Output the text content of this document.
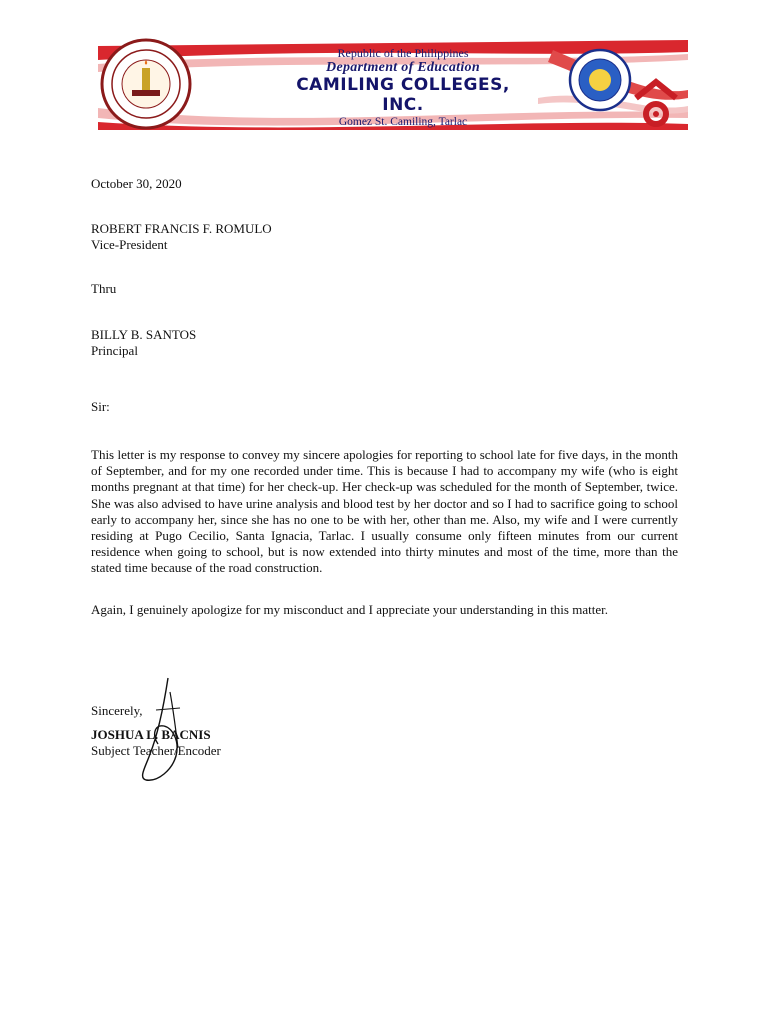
Republic of the Philippines
Department of Education
CAMILING COLLEGES, INC.
Gomez St. Camiling, Tarlac
October 30, 2020
ROBERT FRANCIS F. ROMULO
Vice-President
Thru
BILLY B. SANTOS
Principal
Sir:
This letter is my response to convey my sincere apologies for reporting to school late for five days, in the month of September, and for my one recorded under time. This is because I had to accompany my wife (who is eight months pregnant at that time) for her check-up. Her check-up was scheduled for the month of September, twice. She was also advised to have urine analysis and blood test by her doctor and so I had to sacrifice going to school early to accompany her, since she has no one to be with her, other than me. Also, my wife and I were currently residing at Pugo Cecilio, Santa Ignacia, Tarlac. I usually consume only fifteen minutes from our current residence when going to school, but is now extended into thirty minutes and most of the time, more than the stated time because of the road construction.
Again, I genuinely apologize for my misconduct and I appreciate your understanding in this matter.
Sincerely,
JOSHUA L. BACNIS
Subject Teacher/Encoder
